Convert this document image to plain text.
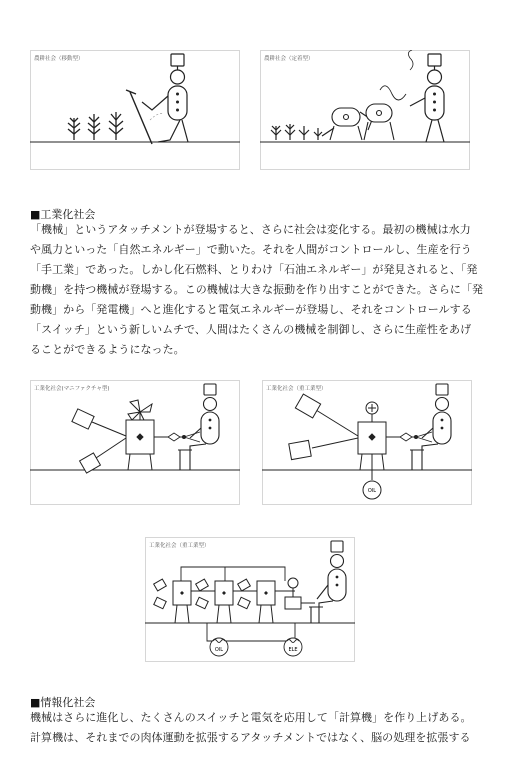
農耕社会（移動型）	農耕社会（定着型）
■工業化社会
「機械」というアタッチメントが登場すると、さらに社会は変化する。最初の機械は水力
や風力といった「自然エネルギー」で動いた。それを人間がコントロールし、生産を行う
「手工業」であった。しかし化石燃料、とりわけ「石油エネルギー」が発見されると、「発
動機」を持つ機械が登場する。この機械は大きな振動を作り出すことができた。さらに「発
動機」から「発電機」へと進化すると電気エネルギーが登場し、それをコントロールする
「スイッチ」という新しいムチで、人間はたくさんの機械を制御し、さらに生産性をあげ
ることができるようになった。
工業化社会(マニファクチャ型)
OIL
工業化社会（重工業型）
OIL	ELE
工業化社会（重工業型）
■情報化社会
機械はさらに進化し、たくさんのスイッチと電気を応用して「計算機」を作り上げある。
計算機は、それまでの肉体運動を拡張するアタッチメントではなく、脳の処理を拡張する
